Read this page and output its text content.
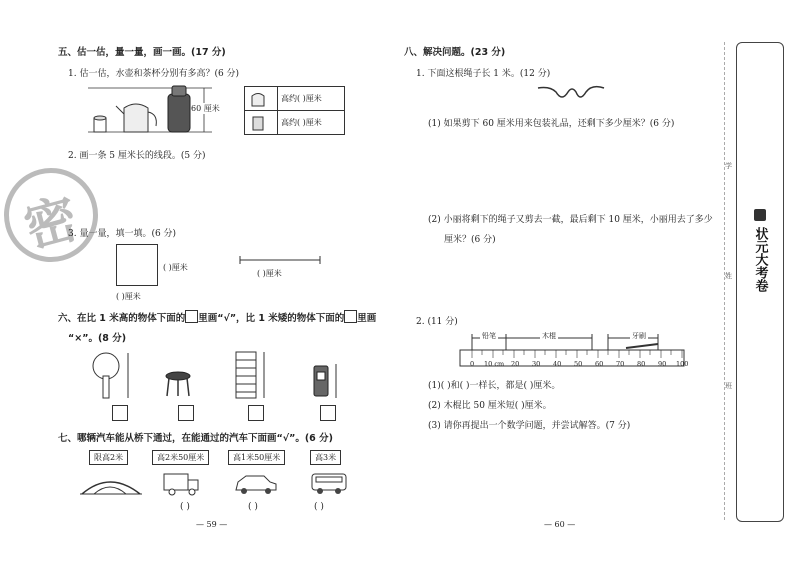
密
五、估一估，量一量，画一画。(17 分)
1. 估一估，水壶和茶杯分别有多高？(6 分)
60 厘米
	高约( )厘米
	高约( )厘米
2. 画一条 5 厘米长的线段。(5 分)
3. 量一量，填一填。(6 分)
( )厘米
( )厘米
( )厘米
六、在比 1 米高的物体下面的 里画“√”，比 1 米矮的物体下面的 里画
“×”。(8 分)
七、哪辆汽车能从桥下通过，在能通过的汽车下面画“√”。(6 分)
限高2米	高2米50厘米	高1米50厘米	高3米
( )	( )	( )
— 59 —
八、解决问题。(23 分)
1. 下面这根绳子长 1 米。(12 分)
(1) 如果剪下 60 厘米用来包装礼品，还剩下多少厘米？(6 分)
(2) 小丽将剩下的绳子又剪去一截，最后剩下 10 厘米，小丽用去了多少
厘米？(6 分)
2. (11 分)
铅笔	木棍	牙刷
0 10 cm 20 30 40 50 60 70 80 90 100
(1)( )和( )一样长，都是( )厘米。
(2) 木棍比 50 厘米短( )厘米。
(3) 请你再提出一个数学问题，并尝试解答。(7 分)
— 60 —
学
姓
班
状元大考卷
